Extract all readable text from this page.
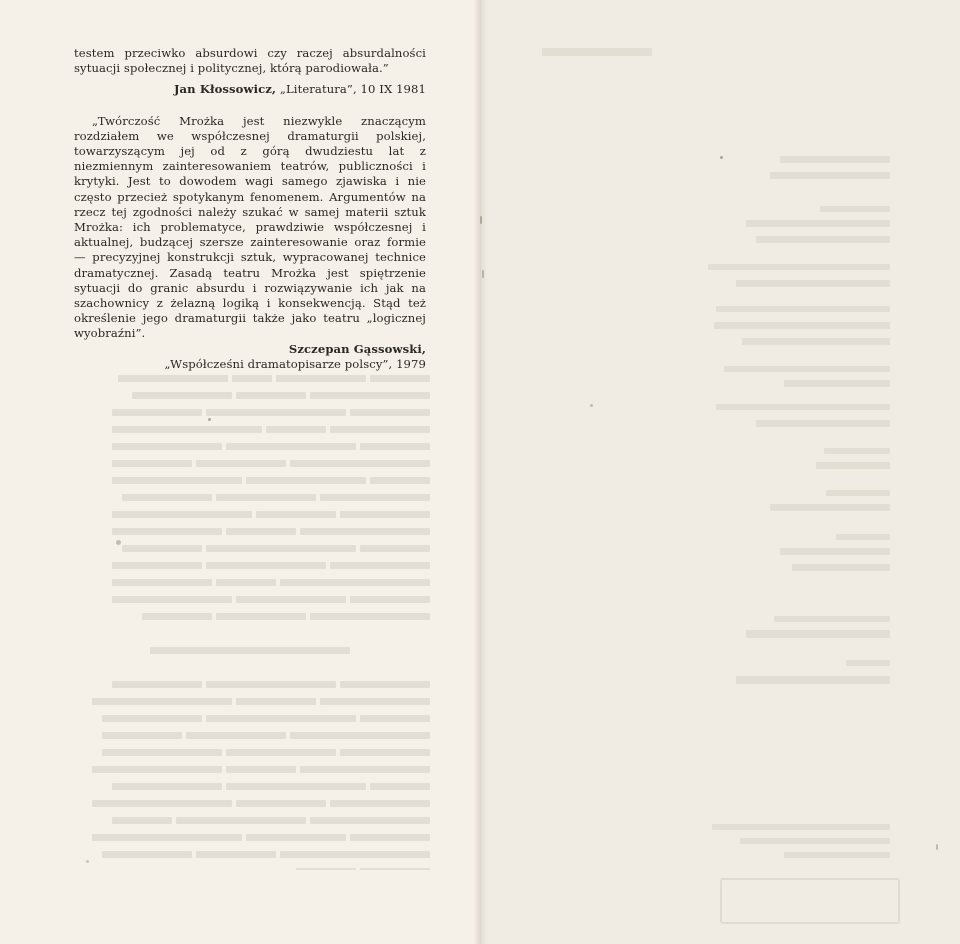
testem przeciwko absurdowi czy raczej absurdalności sytuacji społecznej i politycznej, którą parodiowała.”

Jan Kłossowicz, „Literatura”, 10 IX 1981

„Twórczość Mrożka jest niezwykle znaczącym rozdziałem we współczesnej dramaturgii polskiej, towarzyszącym jej od z górą dwudziestu lat z niezmiennym zainteresowaniem teatrów, publiczności i krytyki. Jest to dowodem wagi samego zjawiska i nie często przecież spotykanym fenomenem. Argumentów na rzecz tej zgodności należy szukać w samej materii sztuk Mrożka: ich problematyce, prawdziwie współczesnej i aktualnej, budzącej szersze zainteresowanie oraz formie — precyzyjnej konstrukcji sztuk, wypracowanej technice dramatycznej. Zasadą teatru Mrożka jest spiętrzenie sytuacji do granic absurdu i rozwiązywanie ich jak na szachownicy z żelazną logiką i konsekwencją. Stąd też określenie jego dramaturgii także jako teatru „logicznej wyobraźni”.

Szczepan Gąssowski,

„Współcześni dramatopisarze polscy”, 1979
